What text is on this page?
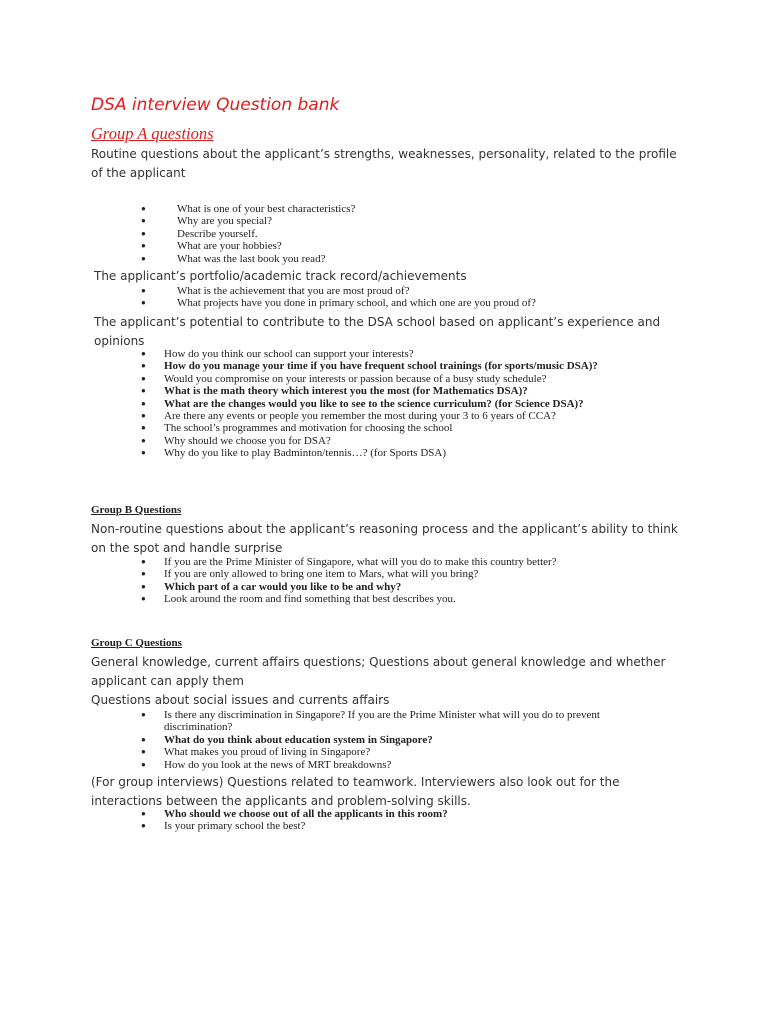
DSA interview Question bank
Group A questions
Routine questions about the applicant’s strengths, weaknesses, personality, related to the profile of the applicant
●	What is one of your best characteristics?
●	Why are you special?
●	Describe yourself.
●	What are your hobbies?
●	What was the last book you read?
The applicant’s portfolio/academic track record/achievements
●	What is the achievement that you are most proud of?
●	What projects have you done in primary school, and which one are you proud of?
The applicant’s potential to contribute to the DSA school based on applicant’s experience and opinions
● How do you think our school can support your interests?
● How do you manage your time if you have frequent school trainings (for sports/music DSA)?
● Would you compromise on your interests or passion because of a busy study schedule?
● What is the math theory which interest you the most (for Mathematics DSA)?
● What are the changes would you like to see to the science curriculum? (for Science DSA)?
● Are there any events or people you remember the most during your 3 to 6 years of CCA?
● The school’s programmes and motivation for choosing the school
● Why should we choose you for DSA?
● Why do you like to play Badminton/tennis…? (for Sports DSA)
Group B Questions
Non-routine questions about the applicant’s reasoning process and the applicant’s ability to think on the spot and handle surprise
● If you are the Prime Minister of Singapore, what will you do to make this country better?
● If you are only allowed to bring one item to Mars, what will you bring?
● Which part of a car would you like to be and why?
● Look around the room and find something that best describes you.
Group C Questions
General knowledge, current affairs questions; Questions about general knowledge and whether applicant can apply them
Questions about social issues and currents affairs
● Is there any discrimination in Singapore? If you are the Prime Minister what will you do to prevent discrimination?
● What do you think about education system in Singapore?
● What makes you proud of living in Singapore?
● How do you look at the news of MRT breakdowns?
(For group interviews) Questions related to teamwork. Interviewers also look out for the interactions between the applicants and problem-solving skills.
● Who should we choose out of all the applicants in this room?
● Is your primary school the best?
